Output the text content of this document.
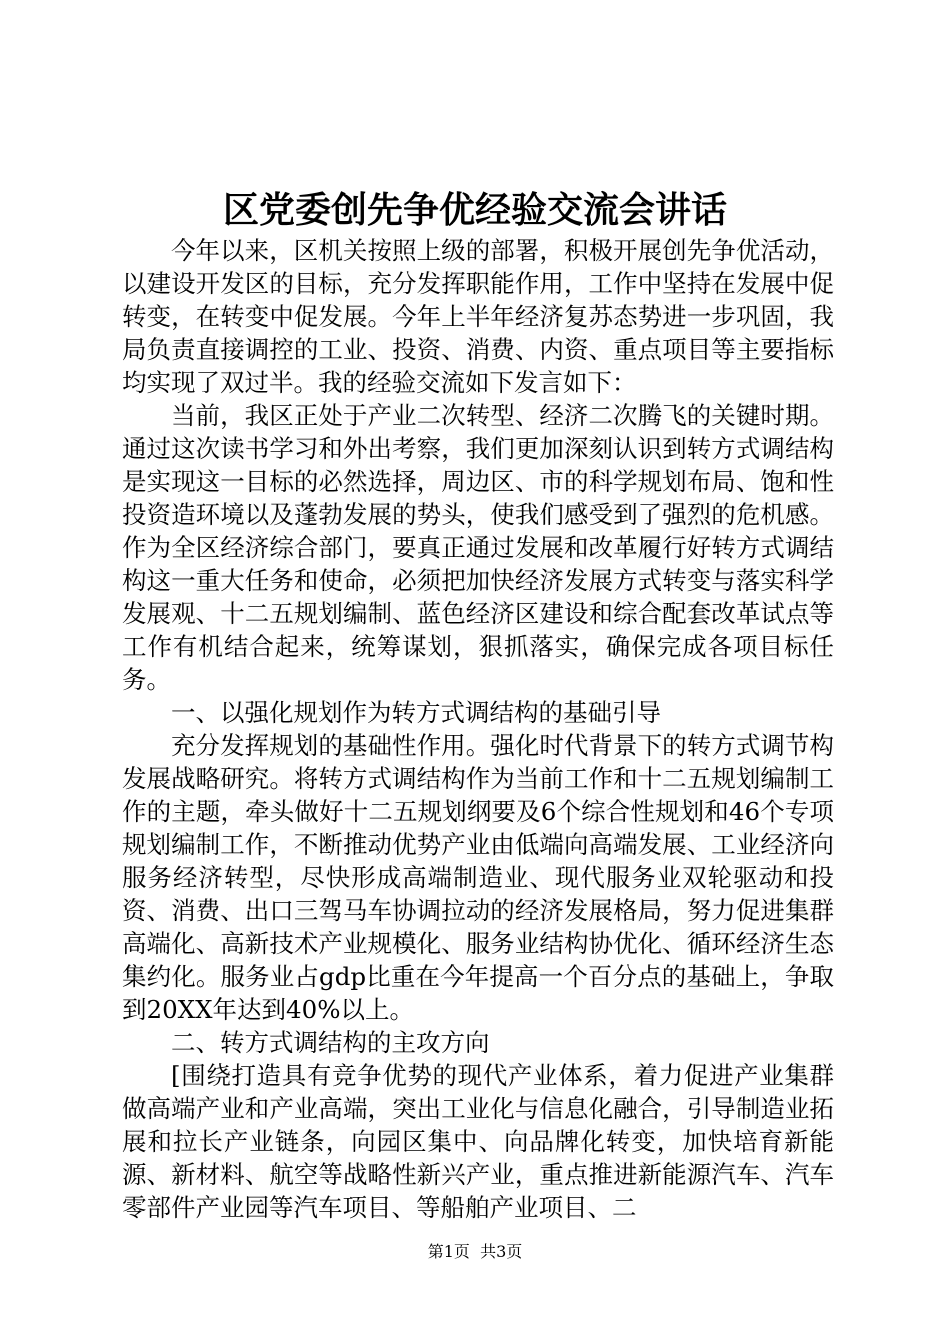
区党委创先争优经验交流会讲话

今年以来，区机关按照上级的部署，积极开展创先争优活动，以建设开发区的目标，充分发挥职能作用，工作中坚持在发展中促转变，在转变中促发展。今年上半年经济复苏态势进一步巩固，我局负责直接调控的工业、投资、消费、内资、重点项目等主要指标均实现了双过半。我的经验交流如下发言如下：

当前，我区正处于产业二次转型、经济二次腾飞的关键时期。通过这次读书学习和外出考察，我们更加深刻认识到转方式调结构是实现这一目标的必然选择，周边区、市的科学规划布局、饱和性投资造环境以及蓬勃发展的势头，使我们感受到了强烈的危机感。作为全区经济综合部门，要真正通过发展和改革履行好转方式调结构这一重大任务和使命，必须把加快经济发展方式转变与落实科学发展观、十二五规划编制、蓝色经济区建设和综合配套改革试点等工作有机结合起来，统筹谋划，狠抓落实，确保完成各项目标任务。

一、以强化规划作为转方式调结构的基础引导

充分发挥规划的基础性作用。强化时代背景下的转方式调节构发展战略研究。将转方式调结构作为当前工作和十二五规划编制工作的主题，牵头做好十二五规划纲要及6个综合性规划和46个专项规划编制工作，不断推动优势产业由低端向高端发展、工业经济向服务经济转型，尽快形成高端制造业、现代服务业双轮驱动和投资、消费、出口三驾马车协调拉动的经济发展格局，努力促进集群高端化、高新技术产业规模化、服务业结构协优化、循环经济生态集约化。服务业占gdp比重在今年提高一个百分点的基础上，争取到20XX年达到40%以上。

二、转方式调结构的主攻方向

[围绕打造具有竞争优势的现代产业体系，着力促进产业集群做高端产业和产业高端，突出工业化与信息化融合，引导制造业拓展和拉长产业链条，向园区集中、向品牌化转变，加快培育新能源、新材料、航空等战略性新兴产业，重点推进新能源汽车、汽车零部件产业园等汽车项目、等船舶产业项目、二

第1页 共3页
